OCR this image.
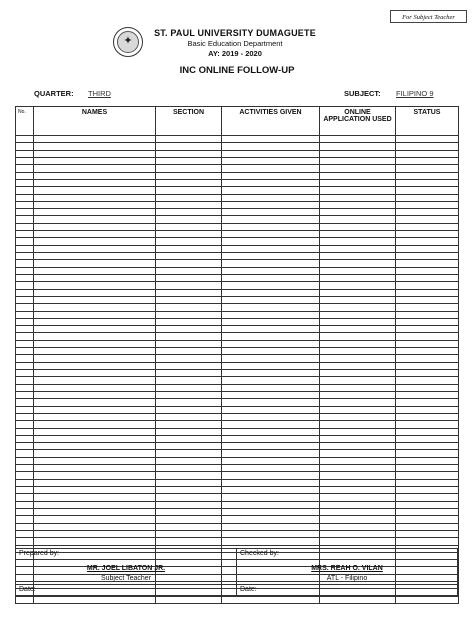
For Subject Teacher
✦
ST. PAUL UNIVERSITY DUMAGUETE
Basic Education Department
AY: 2019 - 2020
INC ONLINE FOLLOW-UP
QUARTER: THIRD	SUBJECT: FILIPINO 9
No.	NAMES	SECTION	ACTIVITIES GIVEN	ONLINE APPLICATION USED	STATUS

Prepared by:	Checked by:
MR. JOEL LIBATON JR.	MRS. REAH O. VILAN
Subject Teacher	ATL - Filipino
Date:	Date:
